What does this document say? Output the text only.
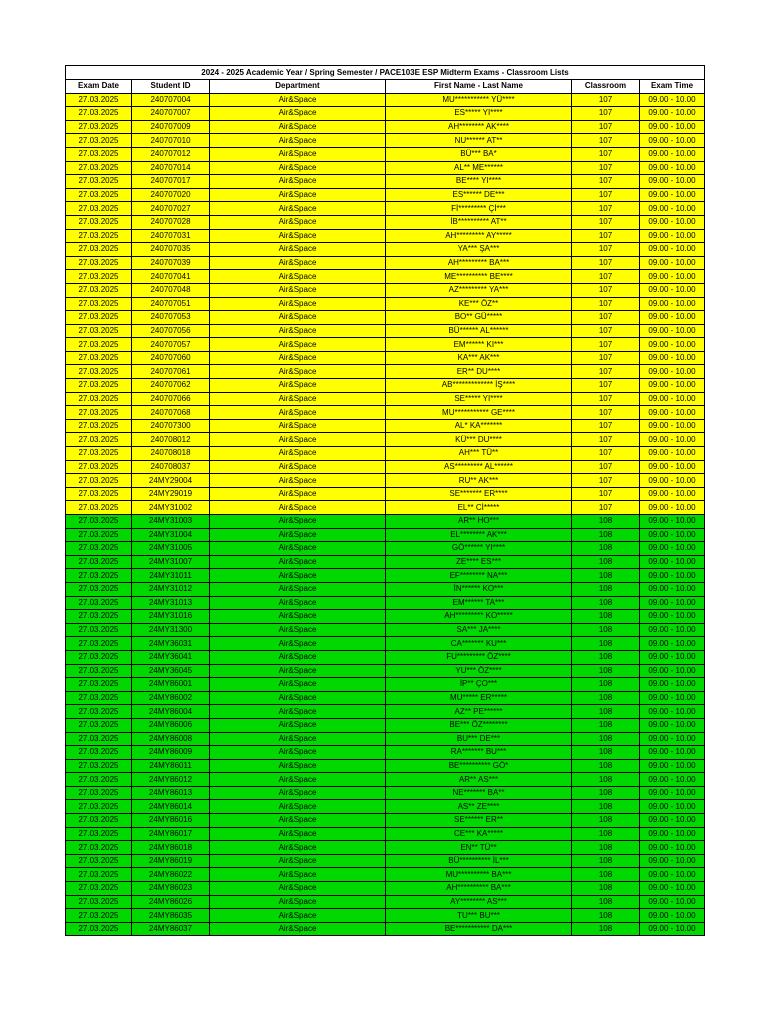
2024 - 2025 Academic Year / Spring Semester / PACE103E ESP Midterm Exams - Classroom Lists					
Exam Date	Student ID	Department	First Name - Last Name	Classroom	Exam Time
27.03.2025	240707004	Air&Space	MU*********** YÜ****	107	09.00 - 10.00
27.03.2025	240707007	Air&Space	ES***** YI****	107	09.00 - 10.00
27.03.2025	240707009	Air&Space	AH******** AK****	107	09.00 - 10.00
27.03.2025	240707010	Air&Space	NU****** AT**	107	09.00 - 10.00
27.03.2025	240707012	Air&Space	BÜ*** BA*	107	09.00 - 10.00
27.03.2025	240707014	Air&Space	AL** ME******	107	09.00 - 10.00
27.03.2025	240707017	Air&Space	BE**** YI****	107	09.00 - 10.00
27.03.2025	240707020	Air&Space	ES****** DE***	107	09.00 - 10.00
27.03.2025	240707027	Air&Space	Fİ********* Çİ***	107	09.00 - 10.00
27.03.2025	240707028	Air&Space	İB********** AT**	107	09.00 - 10.00
27.03.2025	240707031	Air&Space	AH********* AY*****	107	09.00 - 10.00
27.03.2025	240707035	Air&Space	YA*** ŞA***	107	09.00 - 10.00
27.03.2025	240707039	Air&Space	AH********* BA***	107	09.00 - 10.00
27.03.2025	240707041	Air&Space	ME********** BE****	107	09.00 - 10.00
27.03.2025	240707048	Air&Space	AZ********* YA***	107	09.00 - 10.00
27.03.2025	240707051	Air&Space	KE*** ÖZ**	107	09.00 - 10.00
27.03.2025	240707053	Air&Space	BO** GÜ*****	107	09.00 - 10.00
27.03.2025	240707056	Air&Space	BÜ****** AL******	107	09.00 - 10.00
27.03.2025	240707057	Air&Space	EM****** KI***	107	09.00 - 10.00
27.03.2025	240707060	Air&Space	KA*** AK***	107	09.00 - 10.00
27.03.2025	240707061	Air&Space	ER** DU****	107	09.00 - 10.00
27.03.2025	240707062	Air&Space	AB************* İŞ****	107	09.00 - 10.00
27.03.2025	240707066	Air&Space	SE***** YI****	107	09.00 - 10.00
27.03.2025	240707068	Air&Space	MU*********** GE****	107	09.00 - 10.00
27.03.2025	240707300	Air&Space	AL* KA*******	107	09.00 - 10.00
27.03.2025	240708012	Air&Space	KÜ*** DU****	107	09.00 - 10.00
27.03.2025	240708018	Air&Space	AH*** TÜ**	107	09.00 - 10.00
27.03.2025	240708037	Air&Space	AS********* AL******	107	09.00 - 10.00
27.03.2025	24MY29004	Air&Space	RU** AK***	107	09.00 - 10.00
27.03.2025	24MY29019	Air&Space	SE******* ER****	107	09.00 - 10.00
27.03.2025	24MY31002	Air&Space	EL** Cİ*****	107	09.00 - 10.00
27.03.2025	24MY31003	Air&Space	AR** HO***	108	09.00 - 10.00
27.03.2025	24MY31004	Air&Space	EL******** AK***	108	09.00 - 10.00
27.03.2025	24MY31005	Air&Space	GÖ****** YI****	108	09.00 - 10.00
27.03.2025	24MY31007	Air&Space	ZE**** ES***	108	09.00 - 10.00
27.03.2025	24MY31011	Air&Space	EF******** NA***	108	09.00 - 10.00
27.03.2025	24MY31012	Air&Space	İN****** KO***	108	09.00 - 10.00
27.03.2025	24MY31013	Air&Space	EM****** TA***	108	09.00 - 10.00
27.03.2025	24MY31016	Air&Space	AH********* KO*****	108	09.00 - 10.00
27.03.2025	24MY31300	Air&Space	SA*** JA****	108	09.00 - 10.00
27.03.2025	24MY36031	Air&Space	CA******* KU***	108	09.00 - 10.00
27.03.2025	24MY36041	Air&Space	FU********* ÖZ****	108	09.00 - 10.00
27.03.2025	24MY36045	Air&Space	YU*** ÖZ****	108	09.00 - 10.00
27.03.2025	24MY86001	Air&Space	İP** ÇO***	108	09.00 - 10.00
27.03.2025	24MY86002	Air&Space	MU***** ER*****	108	09.00 - 10.00
27.03.2025	24MY86004	Air&Space	AZ** PE******	108	09.00 - 10.00
27.03.2025	24MY86006	Air&Space	BE*** ÖZ********	108	09.00 - 10.00
27.03.2025	24MY86008	Air&Space	BU*** DE***	108	09.00 - 10.00
27.03.2025	24MY86009	Air&Space	RA******* BU***	108	09.00 - 10.00
27.03.2025	24MY86011	Air&Space	BE********** GÖ*	108	09.00 - 10.00
27.03.2025	24MY86012	Air&Space	AR** AS***	108	09.00 - 10.00
27.03.2025	24MY86013	Air&Space	NE******* BA**	108	09.00 - 10.00
27.03.2025	24MY86014	Air&Space	AS** ZE****	108	09.00 - 10.00
27.03.2025	24MY86016	Air&Space	SE****** ER**	108	09.00 - 10.00
27.03.2025	24MY86017	Air&Space	CE*** KA*****	108	09.00 - 10.00
27.03.2025	24MY86018	Air&Space	EN** TÜ**	108	09.00 - 10.00
27.03.2025	24MY86019	Air&Space	BÜ********** İL***	108	09.00 - 10.00
27.03.2025	24MY86022	Air&Space	MU********** BA***	108	09.00 - 10.00
27.03.2025	24MY86023	Air&Space	AH********** BA***	108	09.00 - 10.00
27.03.2025	24MY86026	Air&Space	AY******** AS***	108	09.00 - 10.00
27.03.2025	24MY86035	Air&Space	TU*** BU***	108	09.00 - 10.00
27.03.2025	24MY86037	Air&Space	BE*********** DA***	108	09.00 - 10.00
